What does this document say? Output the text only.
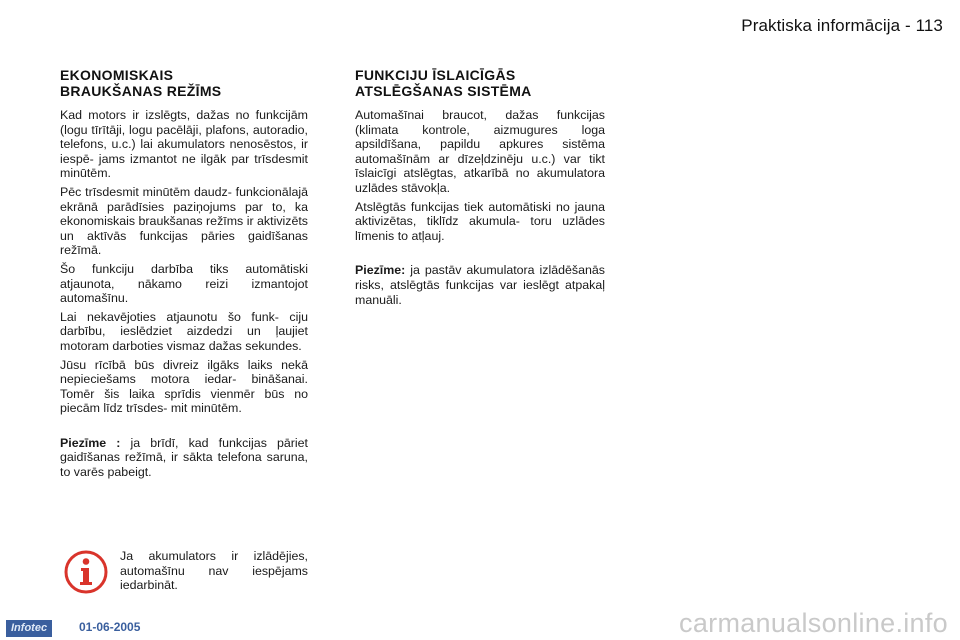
Praktiska informācija - 113
EKONOMISKAIS
BRAUKŠANAS REŽĪMS

Kad motors ir izslēgts, dažas no funkcijām (logu tīrītāji, logu pacēlāji, plafons, autoradio, telefons, u.c.) lai akumulators nenosēstos, ir iespē- jams izmantot ne ilgāk par trīsdesmit minūtēm.

Pēc trīsdesmit minūtēm daudz- funkcionālajā ekrānā parādīsies paziņojums par to, ka ekonomiskais braukšanas režīms ir aktivizēts un aktīvās funkcijas pāries gaidīšanas režīmā.

Šo funkciju darbība tiks automātiski atjaunota, nākamo reizi izmantojot automašīnu.

Lai nekavējoties atjaunotu šo funk- ciju darbību, ieslēdziet aizdedzi un ļaujiet motoram darboties vismaz dažas sekundes.

Jūsu rīcībā būs divreiz ilgāks laiks nekā nepieciešams motora iedar- bināšanai. Tomēr šis laika sprīdis vienmēr būs no piecām līdz trīsdes- mit minūtēm.

Piezīme : ja brīdī, kad funkcijas pāriet gaidīšanas režīmā, ir sākta telefona saruna, to varēs pabeigt.

FUNKCIJU ĪSLAICĪGĀS
ATSLĒGŠANAS SISTĒMA

Automašīnai braucot, dažas funkcijas (klimata kontrole, aizmugures loga apsildīšana, papildu apkures sistēma automašīnām ar dīzeļdzinēju u.c.) var tikt īslaicīgi atslēgtas, atkarībā no akumulatora uzlādes stāvokļa.

Atslēgtās funkcijas tiek automātiski no jauna aktivizētas, tiklīdz akumula- toru uzlādes līmenis to atļauj.

Piezīme: ja pastāv akumulatora izlādēšanās risks, atslēgtās funkcijas var ieslēgt atpakaļ manuāli.

Ja akumulators ir izlādējies, automašīnu nav iespējams iedarbināt.
Infotec	01-06-2005	carmanualsonline.info
